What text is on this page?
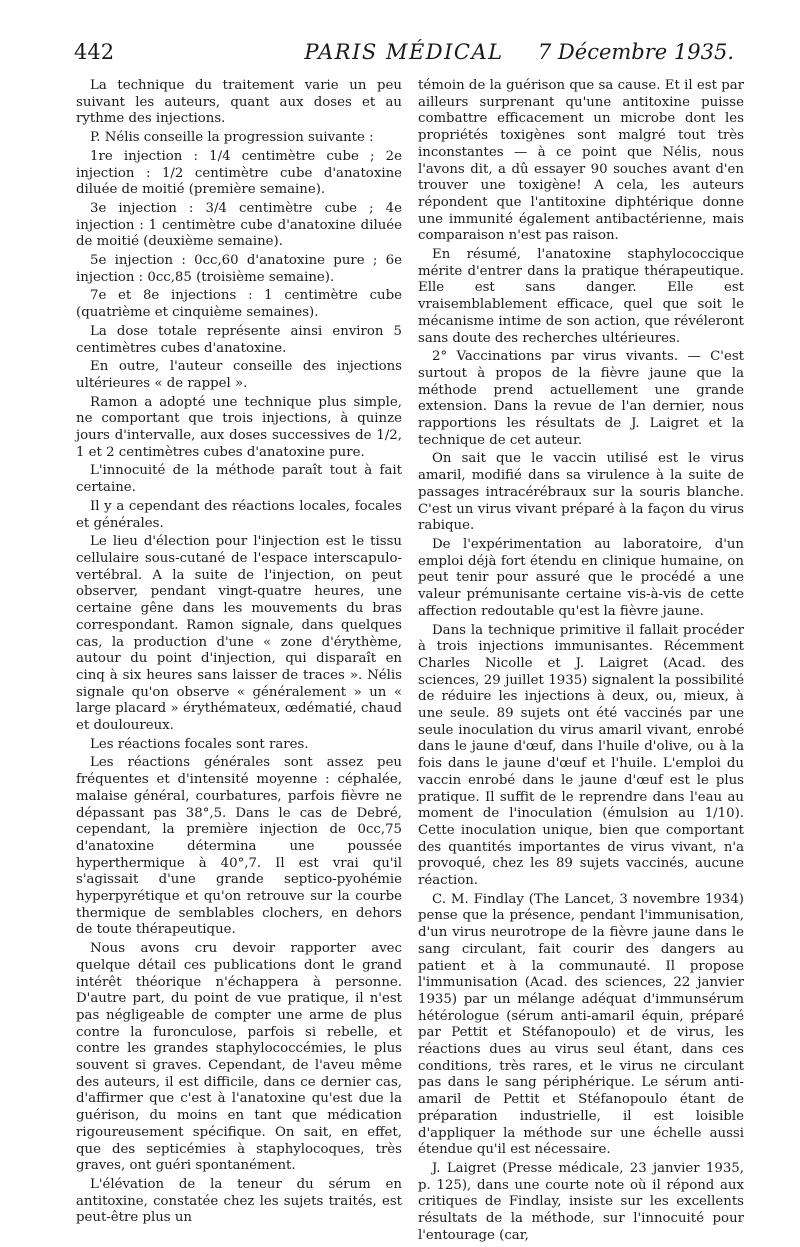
442	PARIS MÉDICAL	7 Décembre 1935.

La technique du traitement varie un peu suivant les auteurs, quant aux doses et au rythme des injections.

P. Nélis conseille la progression suivante :

1re injection : 1/4 centimètre cube ; 2e injection : 1/2 centimètre cube d'anatoxine diluée de moitié (première semaine).

3e injection : 3/4 centimètre cube ; 4e injection : 1 centimètre cube d'anatoxine diluée de moitié (deuxième semaine).

5e injection : 0cc,60 d'anatoxine pure ; 6e injection : 0cc,85 (troisième semaine).

7e et 8e injections : 1 centimètre cube (quatrième et cinquième semaines).

La dose totale représente ainsi environ 5 centimètres cubes d'anatoxine.

En outre, l'auteur conseille des injections ultérieures « de rappel ».

Ramon a adopté une technique plus simple, ne comportant que trois injections, à quinze jours d'intervalle, aux doses successives de 1/2, 1 et 2 centimètres cubes d'anatoxine pure.

L'innocuité de la méthode paraît tout à fait certaine.

Il y a cependant des réactions locales, focales et générales.

Le lieu d'élection pour l'injection est le tissu cellulaire sous-cutané de l'espace interscapulo-vertébral. A la suite de l'injection, on peut observer, pendant vingt-quatre heures, une certaine gêne dans les mouvements du bras correspondant. Ramon signale, dans quelques cas, la production d'une « zone d'érythème, autour du point d'injection, qui disparaît en cinq à six heures sans laisser de traces ». Nélis signale qu'on observe « généralement » un « large placard » érythémateux, œdématié, chaud et douloureux.

Les réactions focales sont rares.

Les réactions générales sont assez peu fréquentes et d'intensité moyenne : céphalée, malaise général, courbatures, parfois fièvre ne dépassant pas 38°,5. Dans le cas de Debré, cependant, la première injection de 0cc,75 d'anatoxine détermina une poussée hyperthermique à 40°,7. Il est vrai qu'il s'agissait d'une grande septico-pyohémie hyperpyrétique et qu'on retrouve sur la courbe thermique de semblables clochers, en dehors de toute thérapeutique.

Nous avons cru devoir rapporter avec quelque détail ces publications dont le grand intérêt théorique n'échappera à personne. D'autre part, du point de vue pratique, il n'est pas négligeable de compter une arme de plus contre la furonculose, parfois si rebelle, et contre les grandes staphylococcémies, le plus souvent si graves. Cependant, de l'aveu même des auteurs, il est difficile, dans ce dernier cas, d'affirmer que c'est à l'anatoxine qu'est due la guérison, du moins en tant que médication rigoureusement spécifique. On sait, en effet, que des septicémies à staphylocoques, très graves, ont guéri spontanément.

L'élévation de la teneur du sérum en antitoxine, constatée chez les sujets traités, est peut-être plus un

témoin de la guérison que sa cause. Et il est par ailleurs surprenant qu'une antitoxine puisse combattre efficacement un microbe dont les propriétés toxigènes sont malgré tout très inconstantes — à ce point que Nélis, nous l'avons dit, a dû essayer 90 souches avant d'en trouver une toxigène! A cela, les auteurs répondent que l'antitoxine diphtérique donne une immunité également antibactérienne, mais comparaison n'est pas raison.

En résumé, l'anatoxine staphylococcique mérite d'entrer dans la pratique thérapeutique. Elle est sans danger. Elle est vraisemblablement efficace, quel que soit le mécanisme intime de son action, que révéleront sans doute des recherches ultérieures.

2° Vaccinations par virus vivants. — C'est surtout à propos de la fièvre jaune que la méthode prend actuellement une grande extension. Dans la revue de l'an dernier, nous rapportions les résultats de J. Laigret et la technique de cet auteur.

On sait que le vaccin utilisé est le virus amaril, modifié dans sa virulence à la suite de passages intracérébraux sur la souris blanche. C'est un virus vivant préparé à la façon du virus rabique.

De l'expérimentation au laboratoire, d'un emploi déjà fort étendu en clinique humaine, on peut tenir pour assuré que le procédé a une valeur prémunisante certaine vis-à-vis de cette affection redoutable qu'est la fièvre jaune.

Dans la technique primitive il fallait procéder à trois injections immunisantes. Récemment Charles Nicolle et J. Laigret (Acad. des sciences, 29 juillet 1935) signalent la possibilité de réduire les injections à deux, ou, mieux, à une seule. 89 sujets ont été vaccinés par une seule inoculation du virus amaril vivant, enrobé dans le jaune d'œuf, dans l'huile d'olive, ou à la fois dans le jaune d'œuf et l'huile. L'emploi du vaccin enrobé dans le jaune d'œuf est le plus pratique. Il suffit de le reprendre dans l'eau au moment de l'inoculation (émulsion au 1/10). Cette inoculation unique, bien que comportant des quantités importantes de virus vivant, n'a provoqué, chez les 89 sujets vaccinés, aucune réaction.

C. M. Findlay (The Lancet, 3 novembre 1934) pense que la présence, pendant l'immunisation, d'un virus neurotrope de la fièvre jaune dans le sang circulant, fait courir des dangers au patient et à la communauté. Il propose l'immunisation (Acad. des sciences, 22 janvier 1935) par un mélange adéquat d'immunsérum hétérologue (sérum anti-amaril équin, préparé par Pettit et Stéfanopoulo) et de virus, les réactions dues au virus seul étant, dans ces conditions, très rares, et le virus ne circulant pas dans le sang périphérique. Le sérum anti-amaril de Pettit et Stéfanopoulo étant de préparation industrielle, il est loisible d'appliquer la méthode sur une échelle aussi étendue qu'il est nécessaire.

J. Laigret (Presse médicale, 23 janvier 1935, p. 125), dans une courte note où il répond aux critiques de Findlay, insiste sur les excellents résultats de la méthode, sur l'innocuité pour l'entourage (car,
